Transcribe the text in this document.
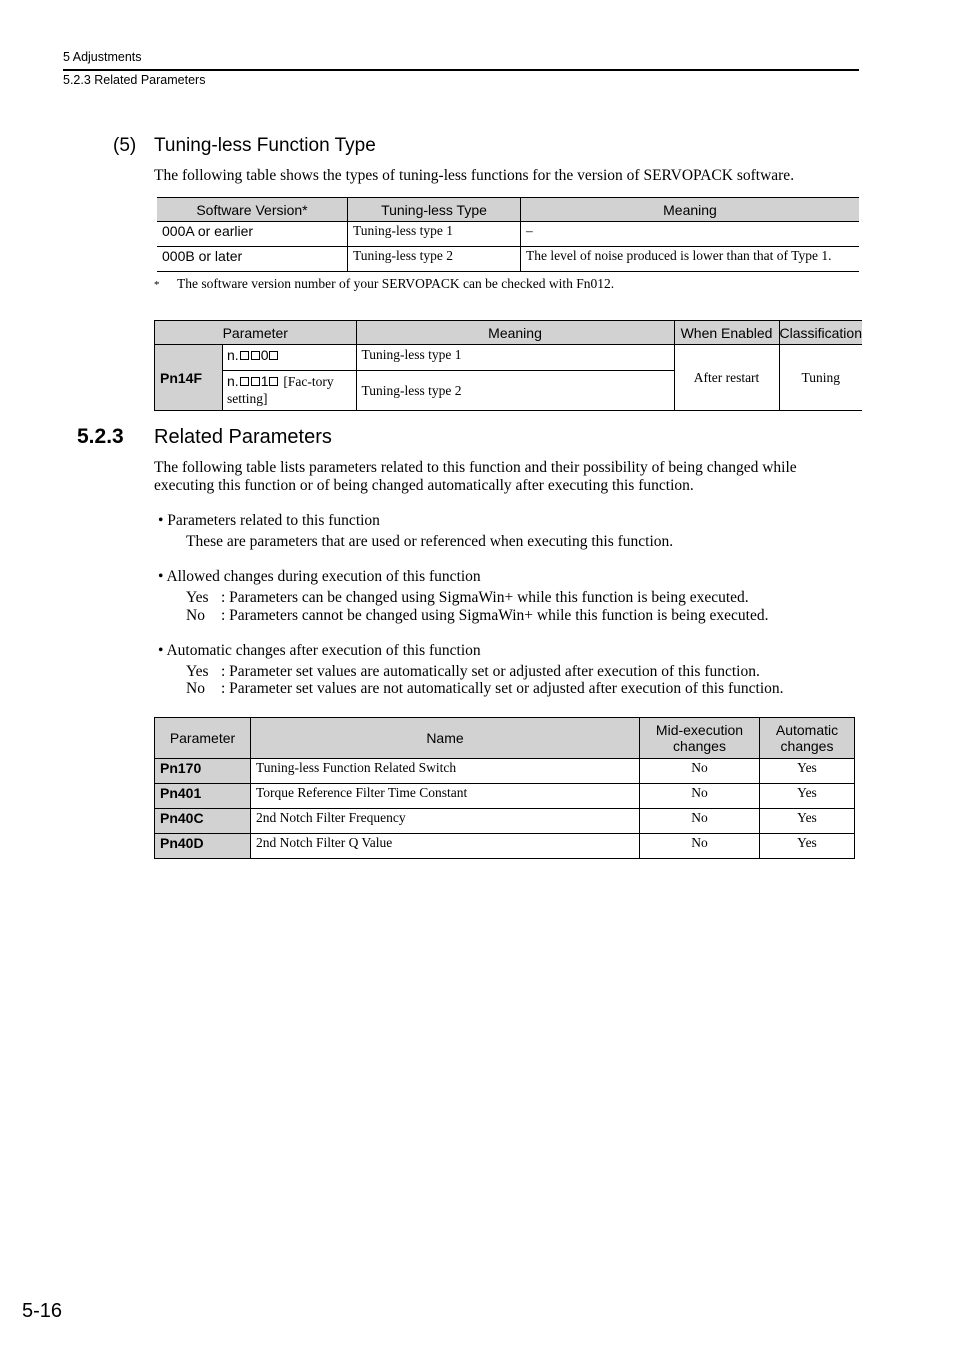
5 Adjustments
5.2.3 Related Parameters
(5) Tuning-less Function Type
The following table shows the types of tuning-less functions for the version of SERVOPACK software.
Software Version*	Tuning-less Type	Meaning
000A or earlier	Tuning-less type 1	–
000B or later	Tuning-less type 2	The level of noise produced is lower than that of Type 1.
* The software version number of your SERVOPACK can be checked with Fn012.
Parameter		Meaning	When Enabled	Classification
Pn14F	n. 0	Tuning-less type 1	After restart	Tuning
	n. 1 [Fac-tory setting]	Tuning-less type 2		
5.2.3 Related Parameters
The following table lists parameters related to this function and their possibility of being changed while executing this function or of being changed automatically after executing this function.
• Parameters related to this function
These are parameters that are used or referenced when executing this function.
• Allowed changes during execution of this function
Yes : Parameters can be changed using SigmaWin+ while this function is being executed.
No : Parameters cannot be changed using SigmaWin+ while this function is being executed.
• Automatic changes after execution of this function
Yes : Parameter set values are automatically set or adjusted after execution of this function.
No : Parameter set values are not automatically set or adjusted after execution of this function.
Parameter	Name	Mid-execution changes	Automatic changes
Pn170	Tuning-less Function Related Switch	No	Yes
Pn401	Torque Reference Filter Time Constant	No	Yes
Pn40C	2nd Notch Filter Frequency	No	Yes
Pn40D	2nd Notch Filter Q Value	No	Yes
5-16
